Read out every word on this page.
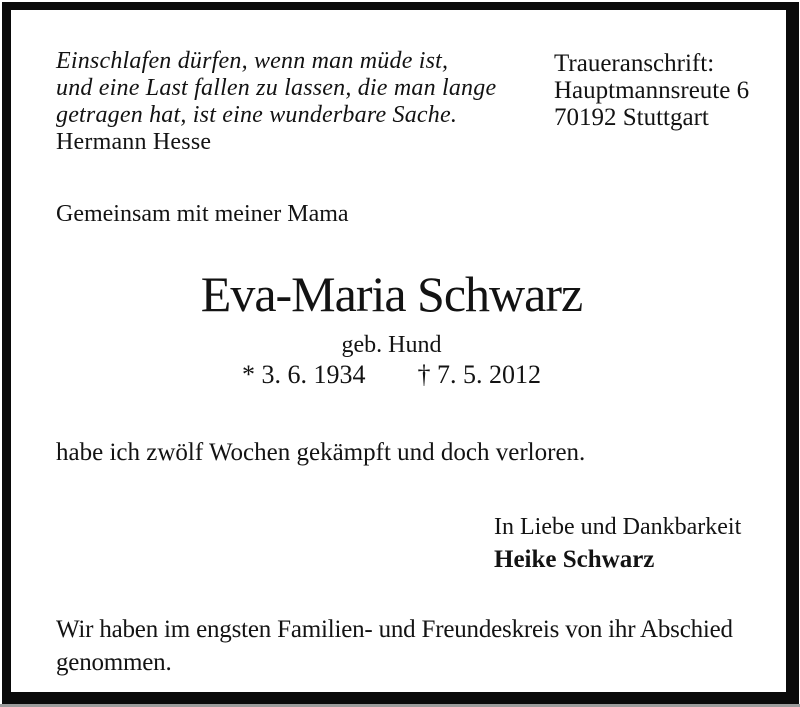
Einschlafen dürfen, wenn man müde ist,
und eine Last fallen zu lassen, die man lange
getragen hat, ist eine wunderbare Sache.
Hermann Hesse
Traueranschrift:
Hauptmannsreute 6
70192 Stuttgart
Gemeinsam mit meiner Mama
Eva-Maria Schwarz
geb. Hund
* 3. 6. 1934 † 7. 5. 2012
habe ich zwölf Wochen gekämpft und doch verloren.
In Liebe und Dankbarkeit
Heike Schwarz
Wir haben im engsten Familien- und Freundeskreis von ihr Abschied
genommen.
